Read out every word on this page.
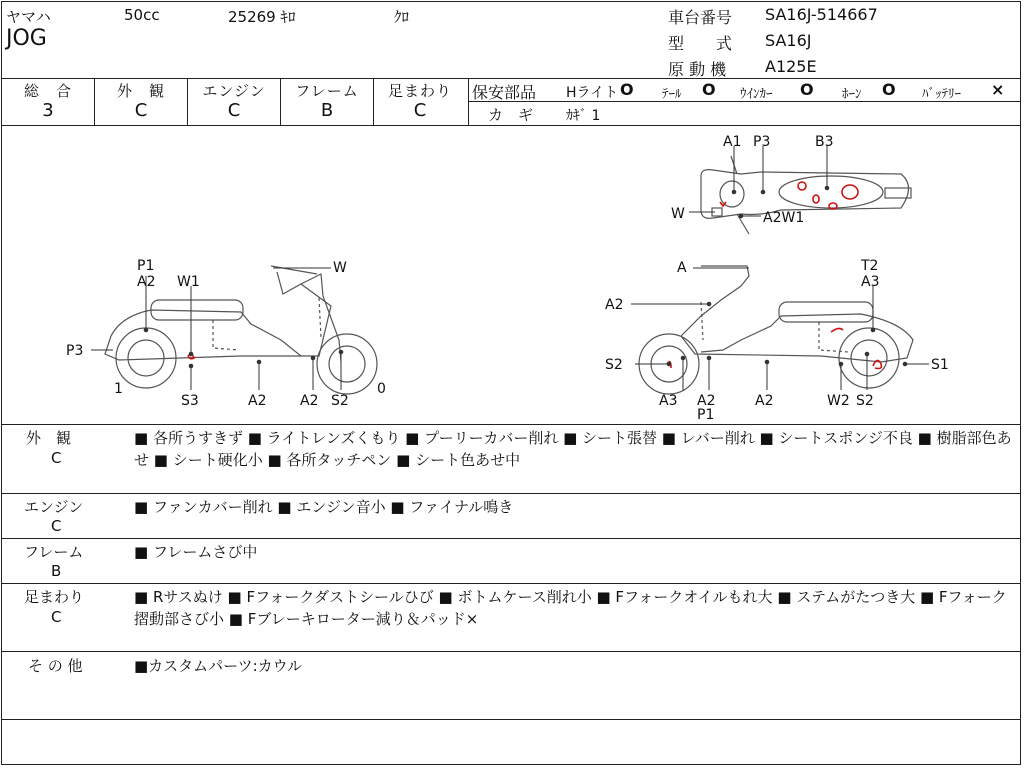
ヤマハ	50cc	25269 ｷﾛ	ｸﾛ
JOG
車台番号 SA16J-514667
型　　式 SA16J
原 動 機 A125E
総　合
3
外　観
C
エンジン
C
フレーム
B
足まわり
C
保安部品 Hライト O ﾃｰﾙ O ｳｲﾝｶｰ O ﾎｰﾝ O ﾊﾞｯﾃﾘｰ ×
カ　ギ ｶｷﾞ 1
A1 P3	B3
W	A2W1
P1
A2 W1
W
P3
1
S3	A2 A2 S2
0
A	T2
A3
A2
S2	S1
A3 A2
P1
A2	W2 S2
外　観
C
■ 各所うすきず ■ ライトレンズくもり ■ プーリーカバー削れ ■ シート張替 ■ レバー削れ ■ シートスポンジ不良 ■ 樹脂部色あせ ■ シート硬化小 ■ 各所タッチペン ■ シート色あせ中
エンジン
C
■ ファンカバー削れ ■ エンジン音小 ■ ファイナル鳴き
フレーム
B
■ フレームさび中
足まわり
C
■ Rサスぬけ ■ Fフォークダストシールひび ■ ボトムケース削れ小 ■ Fフォークオイルもれ大 ■ ステムがたつき大 ■ Fフォーク摺動部さび小 ■ Fブレーキローター減り＆パッド×
そ の 他	■カスタムパーツ:カウル
